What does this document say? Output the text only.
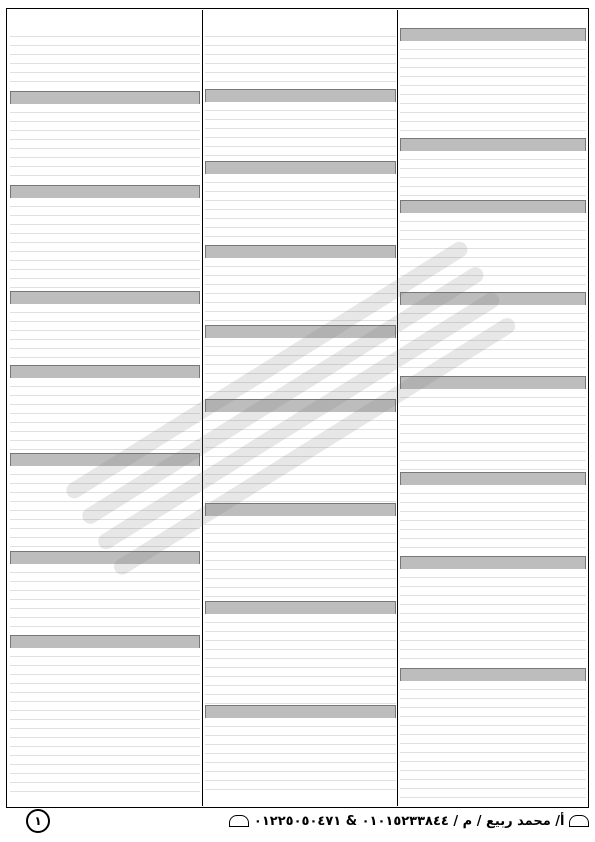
١	أ/ محمد ربيع / م / ٠١٠١٥٢٣٣٨٤٤ & ٠١٢٢٥٠٥٠٤٧١
